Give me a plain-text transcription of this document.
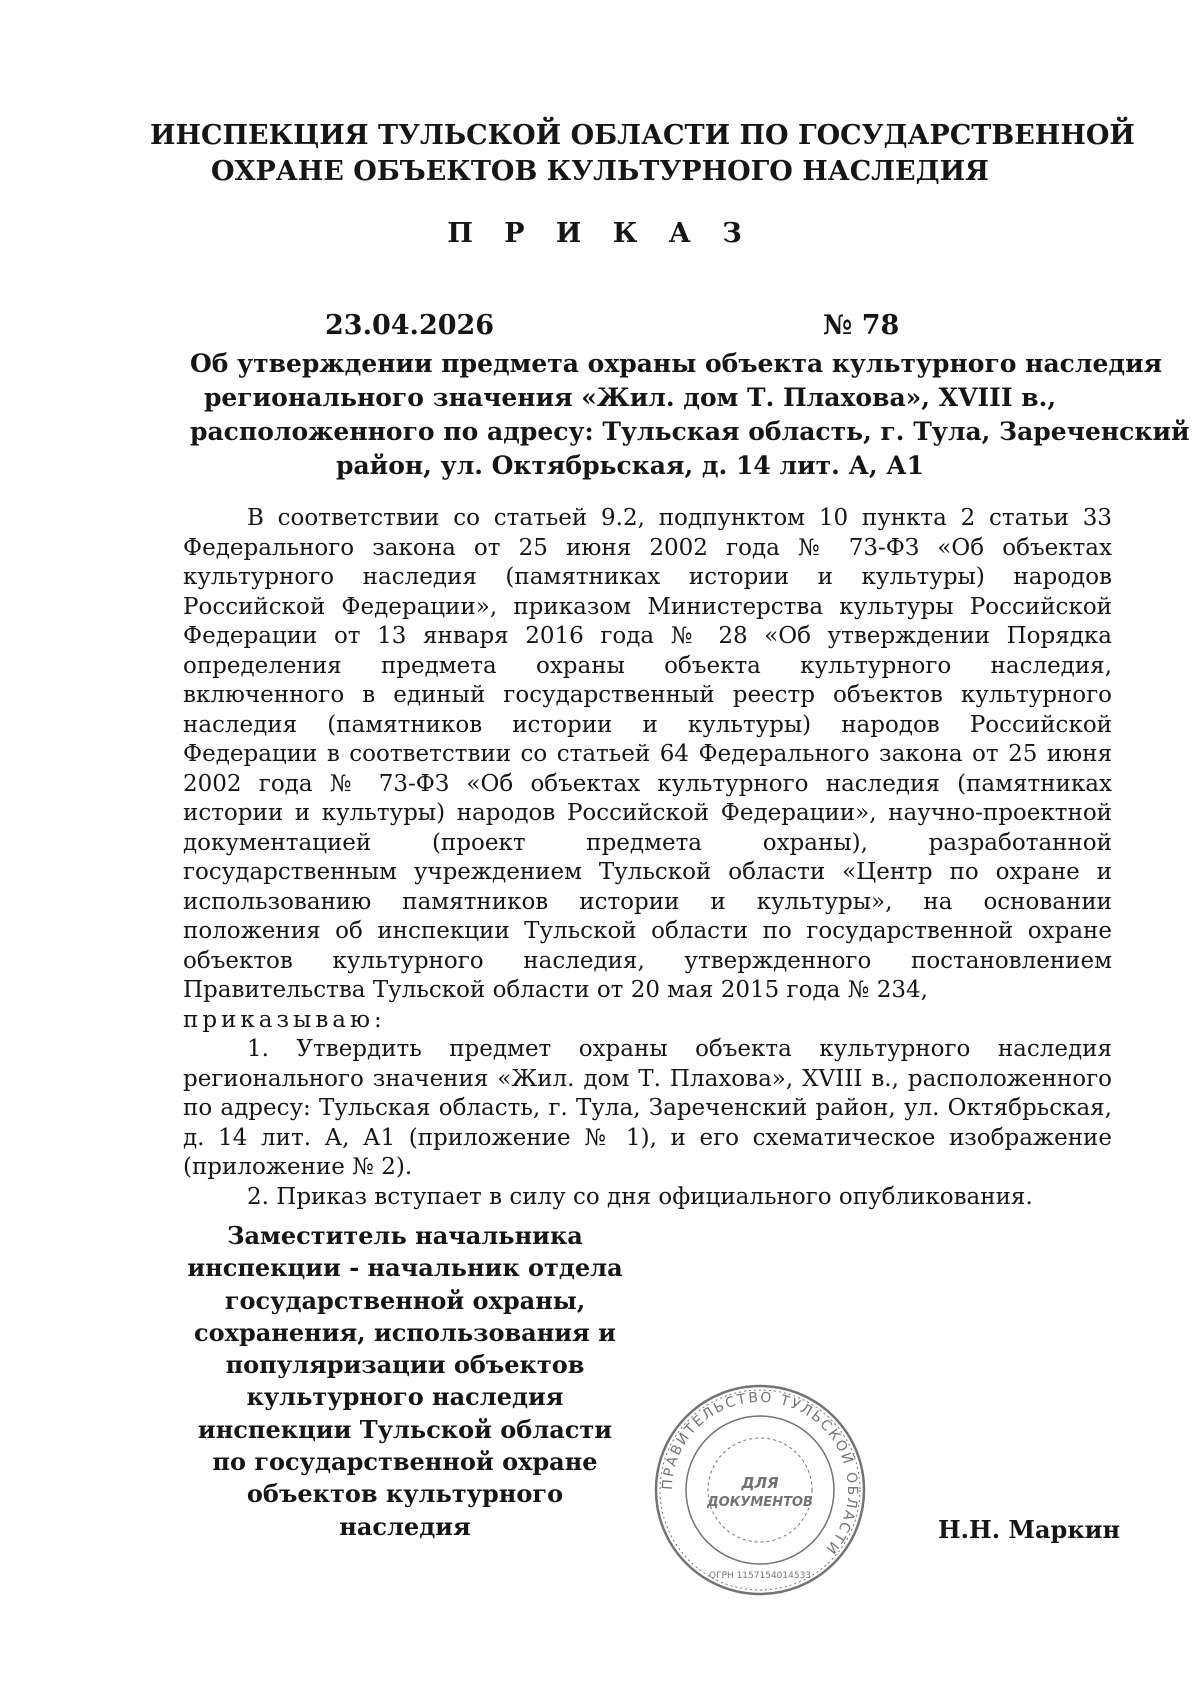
ИНСПЕКЦИЯ ТУЛЬСКОЙ ОБЛАСТИ ПО ГОСУДАРСТВЕННОЙ
ОХРАНЕ ОБЪЕКТОВ КУЛЬТУРНОГО НАСЛЕДИЯ
П Р И К А З
23.04.2026	№ 78
Об утверждении предмета охраны объекта культурного наследия
регионального значения «Жил. дом Т. Плахова», XVIII в.,
расположенного по адресу: Тульская область, г. Тула, Зареченский
район, ул. Октябрьская, д. 14 лит. А, А1

В соответствии со статьей 9.2, подпунктом 10 пункта 2 статьи 33 Федерального закона от 25 июня 2002 года № 73-ФЗ «Об объектах культурного наследия (памятниках истории и культуры) народов Российской Федерации», приказом Министерства культуры Российской Федерации от 13 января 2016 года № 28 «Об утверждении Порядка определения предмета охраны объекта культурного наследия, включенного в единый государственный реестр объектов культурного наследия (памятников истории и культуры) народов Российской Федерации в соответствии со статьей 64 Федерального закона от 25 июня 2002 года № 73-ФЗ «Об объектах культурного наследия (памятниках истории и культуры) народов Российской Федерации», научно-проектной документацией (проект предмета охраны), разработанной государственным учреждением Тульской области «Центр по охране и использованию памятников истории и культуры», на основании положения об инспекции Тульской области по государственной охране объектов культурного наследия, утвержденного постановлением Правительства Тульской области от 20 мая 2015 года № 234,

приказываю:

1. Утвердить предмет охраны объекта культурного наследия регионального значения «Жил. дом Т. Плахова», XVIII в., расположенного по адресу: Тульская область, г. Тула, Зареченский район, ул. Октябрьская, д. 14 лит. А, А1 (приложение № 1), и его схематическое изображение (приложение № 2).

2. Приказ вступает в силу со дня официального опубликования.

Заместитель начальника
инспекции - начальник отдела
государственной охраны,
сохранения, использования и
популяризации объектов
культурного наследия
инспекции Тульской области
по государственной охране
объектов культурного
наследия
ПРАВИТЕЛЬСТВО ТУЛЬСКОЙ ОБЛАСТИ
ДЛЯ
ДОКУМЕНТОВ
ОГРН 1157154014533
Н.Н. Маркин
